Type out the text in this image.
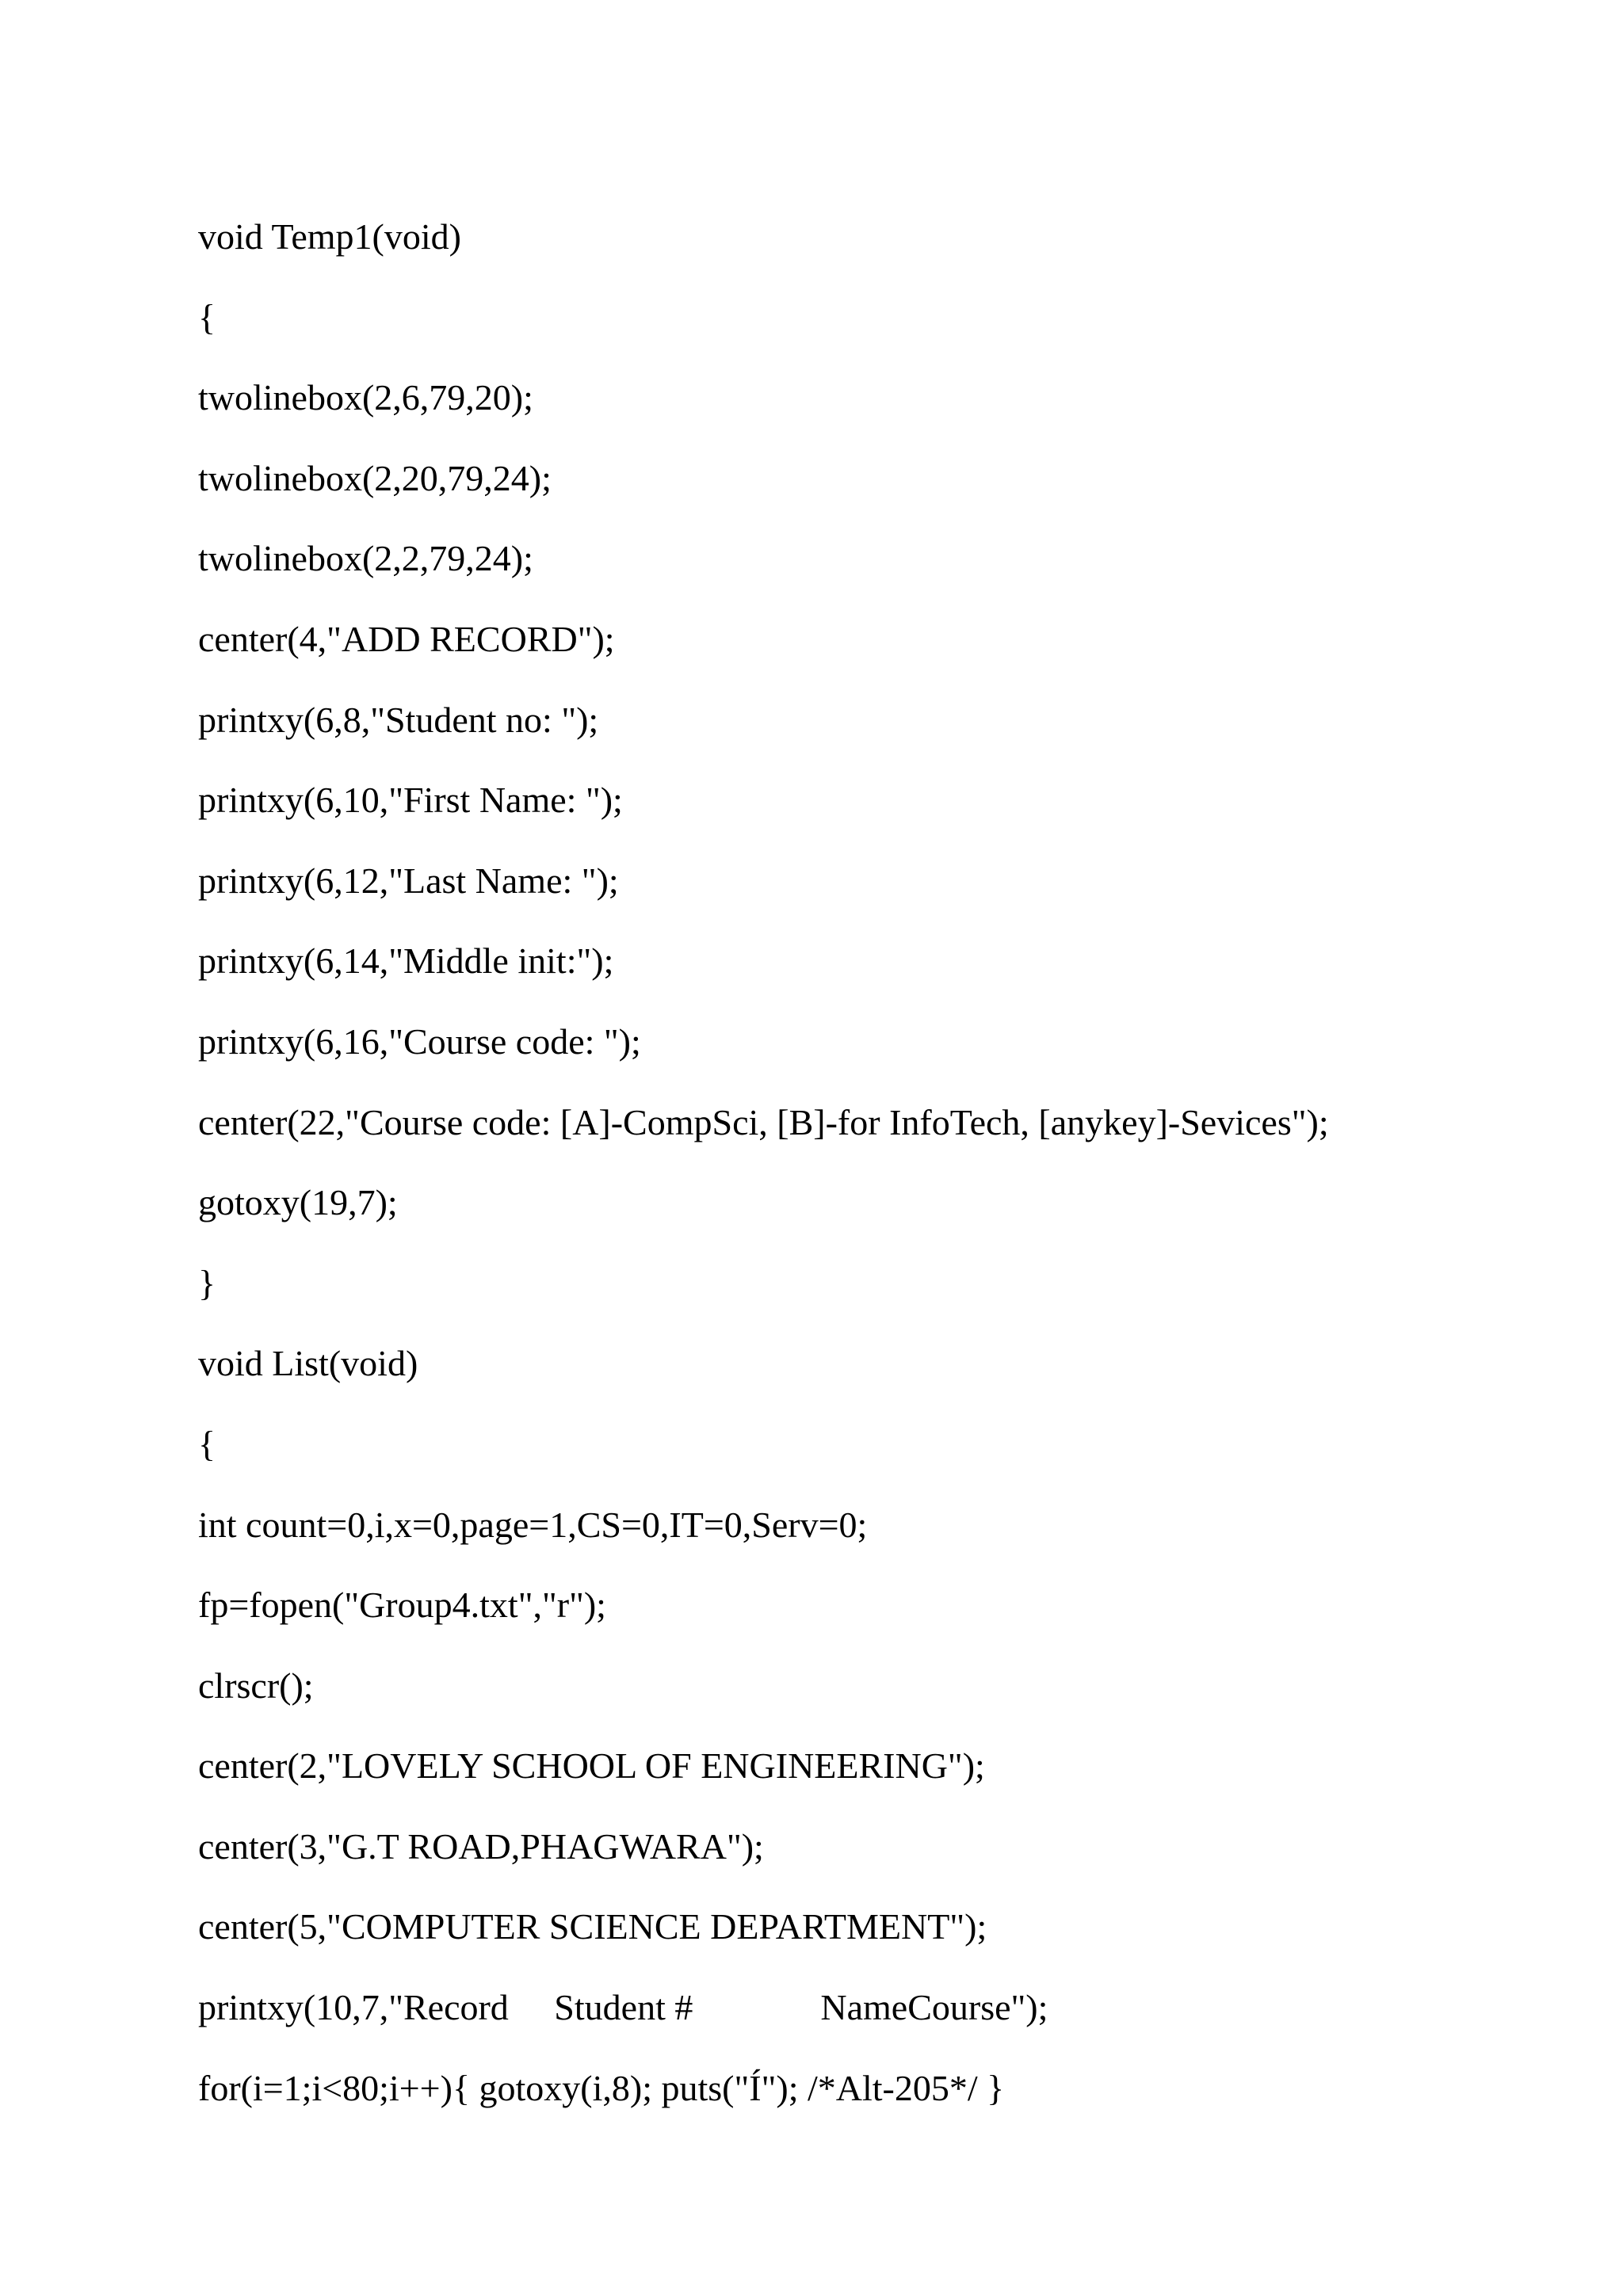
void Temp1(void)
{
twolinebox(2,6,79,20);
twolinebox(2,20,79,24);
twolinebox(2,2,79,24);
center(4,"ADD RECORD");
printxy(6,8,"Student no: ");
printxy(6,10,"First Name: ");
printxy(6,12,"Last Name: ");
printxy(6,14,"Middle init:");
printxy(6,16,"Course code: ");
center(22,"Course code: [A]-CompSci, [B]-for InfoTech, [anykey]-Sevices");
gotoxy(19,7);
}
void List(void)
{
int count=0,i,x=0,page=1,CS=0,IT=0,Serv=0;
fp=fopen("Group4.txt","r");
clrscr();
center(2,"LOVELY SCHOOL OF ENGINEERING");
center(3,"G.T ROAD,PHAGWARA");
center(5,"COMPUTER SCIENCE DEPARTMENT");
printxy(10,7,"Record     Student #              NameCourse");
for(i=1;i<80;i++){ gotoxy(i,8); puts("Í"); /*Alt-205*/ }
